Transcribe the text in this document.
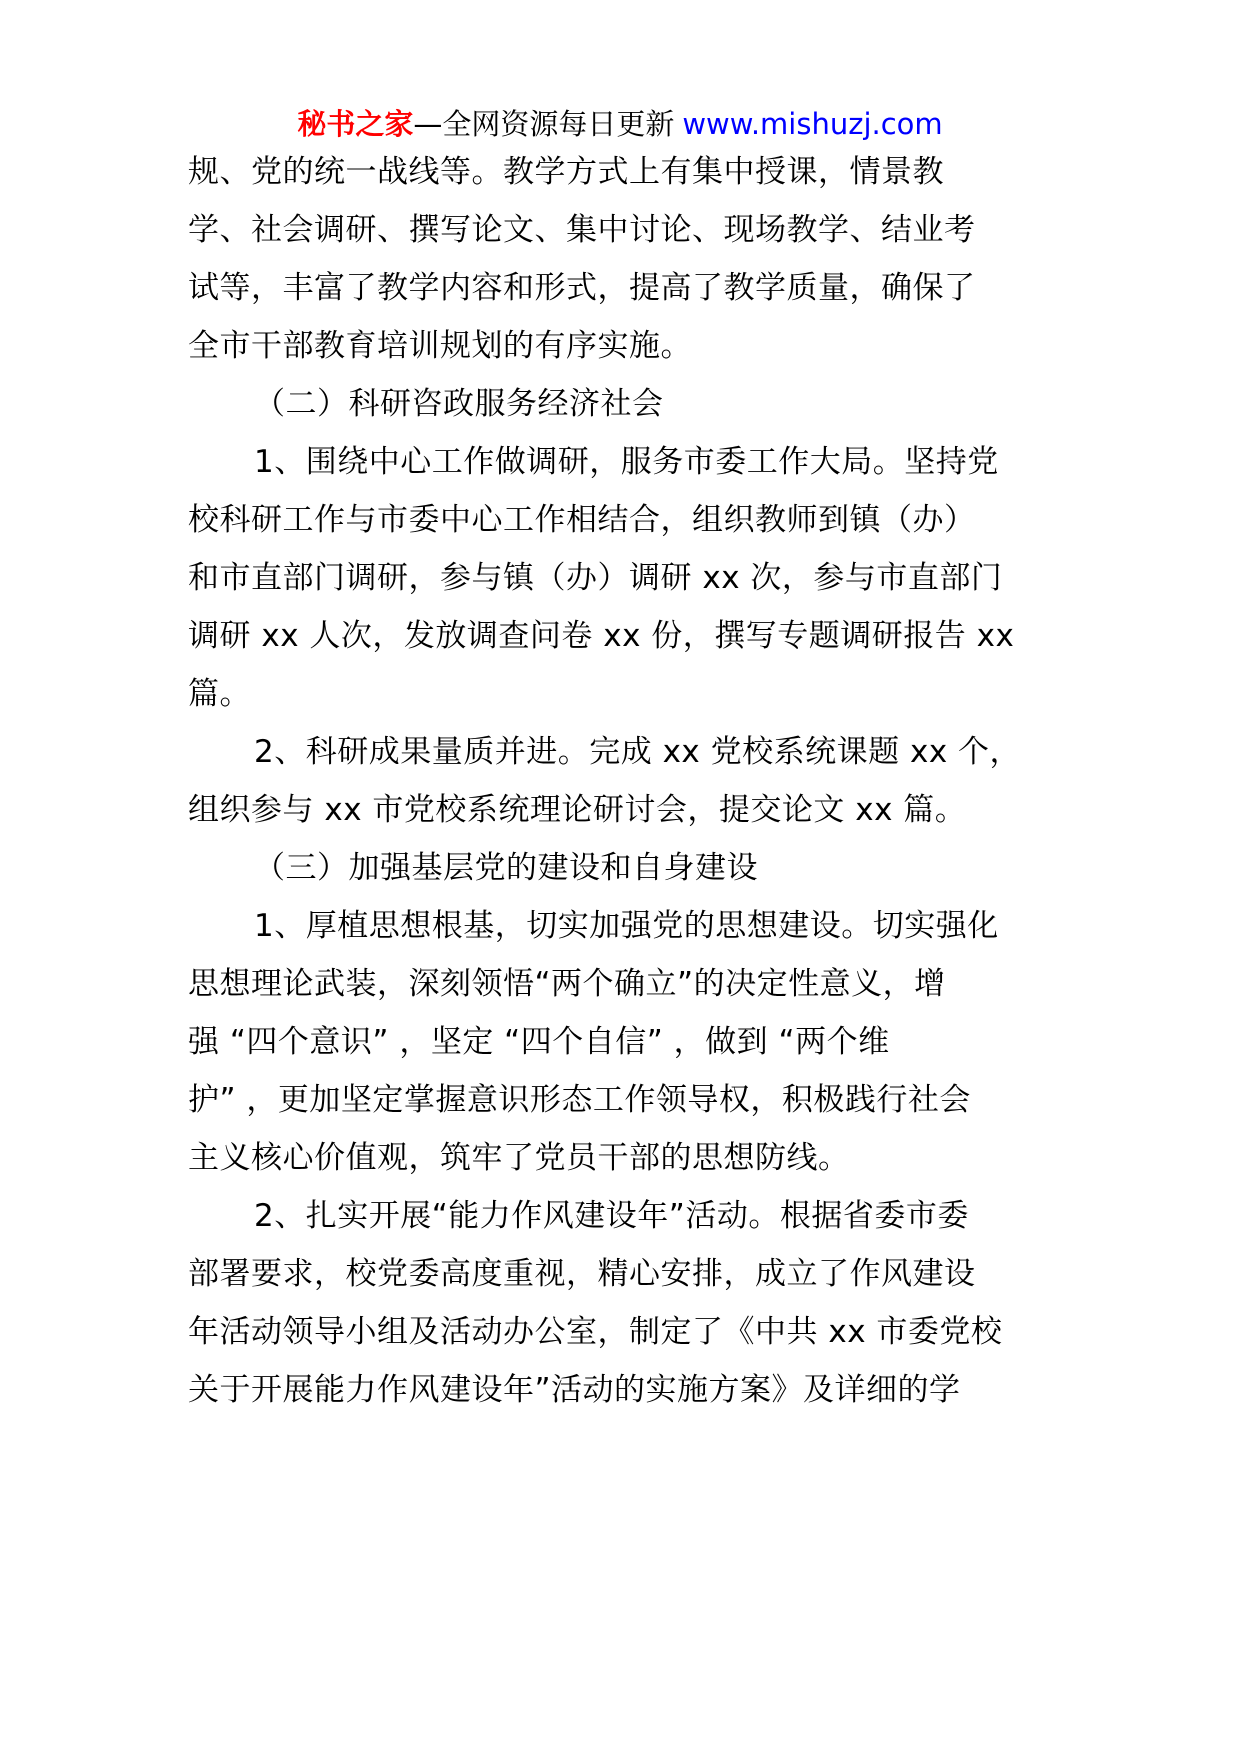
秘书之家—全网资源每日更新 www.mishuzj.com
规、党的统一战线等。教学方式上有集中授课，情景教
学、社会调研、撰写论文、集中讨论、现场教学、结业考
试等，丰富了教学内容和形式，提高了教学质量，确保了
全市干部教育培训规划的有序实施。
（二）科研咨政服务经济社会
1、围绕中心工作做调研，服务市委工作大局。坚持党
校科研工作与市委中心工作相结合，组织教师到镇（办）
和市直部门调研，参与镇（办）调研 xx 次，参与市直部门
调研 xx 人次，发放调查问卷 xx 份，撰写专题调研报告 xx
篇。
2、科研成果量质并进。完成 xx 党校系统课题 xx 个，
组织参与 xx 市党校系统理论研讨会，提交论文 xx 篇。
（三）加强基层党的建设和自身建设
1、厚植思想根基，切实加强党的思想建设。切实强化
思想理论武装，深刻领悟“两个确立”的决定性意义，增
强 “四个意识” ，坚定 “四个自信” ，做到 “两个维
护” ，更加坚定掌握意识形态工作领导权，积极践行社会
主义核心价值观，筑牢了党员干部的思想防线。
2、扎实开展“能力作风建设年”活动。根据省委市委
部署要求，校党委高度重视，精心安排，成立了作风建设
年活动领导小组及活动办公室，制定了《中共 xx 市委党校
关于开展能力作风建设年”活动的实施方案》及详细的学
